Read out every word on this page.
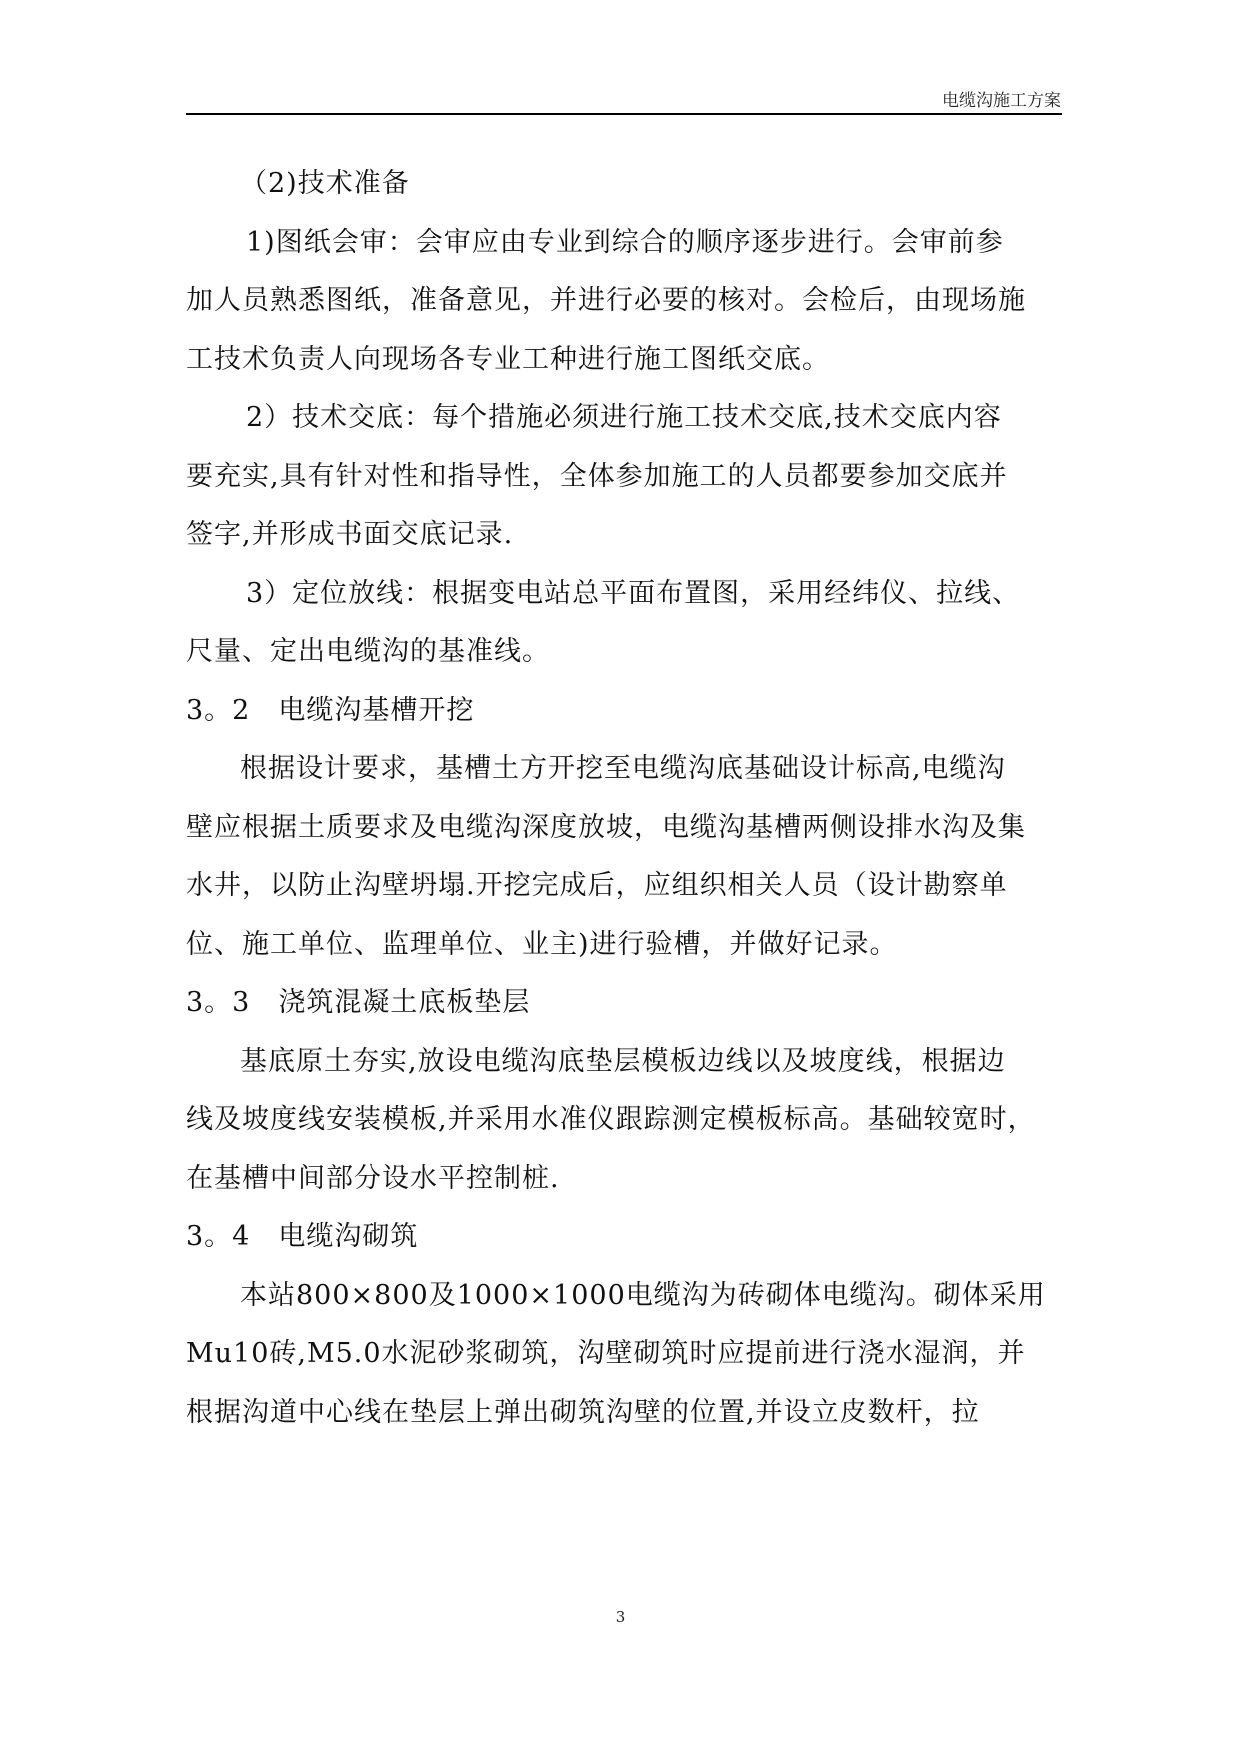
电缆沟施工方案
（2)技术准备
1)图纸会审：会审应由专业到综合的顺序逐步进行。会审前参
加人员熟悉图纸，准备意见，并进行必要的核对。会检后，由现场施
工技术负责人向现场各专业工种进行施工图纸交底。
2）技术交底：每个措施必须进行施工技术交底,技术交底内容
要充实,具有针对性和指导性，全体参加施工的人员都要参加交底并
签字,并形成书面交底记录.
3）定位放线：根据变电站总平面布置图，采用经纬仪、拉线、
尺量、定出电缆沟的基准线。
3。2　电缆沟基槽开挖
根据设计要求，基槽土方开挖至电缆沟底基础设计标高,电缆沟
壁应根据土质要求及电缆沟深度放坡，电缆沟基槽两侧设排水沟及集
水井，以防止沟壁坍塌.开挖完成后，应组织相关人员（设计勘察单
位、施工单位、监理单位、业主)进行验槽，并做好记录。
3。3　浇筑混凝土底板垫层
基底原土夯实,放设电缆沟底垫层模板边线以及坡度线，根据边
线及坡度线安装模板,并采用水准仪跟踪测定模板标高。基础较宽时，
在基槽中间部分设水平控制桩.
3。4　电缆沟砌筑
本站800×800及1000×1000电缆沟为砖砌体电缆沟。砌体采用
Mu10砖,M5.0水泥砂浆砌筑，沟壁砌筑时应提前进行浇水湿润，并
根据沟道中心线在垫层上弹出砌筑沟壁的位置,并设立皮数杆，拉
3
